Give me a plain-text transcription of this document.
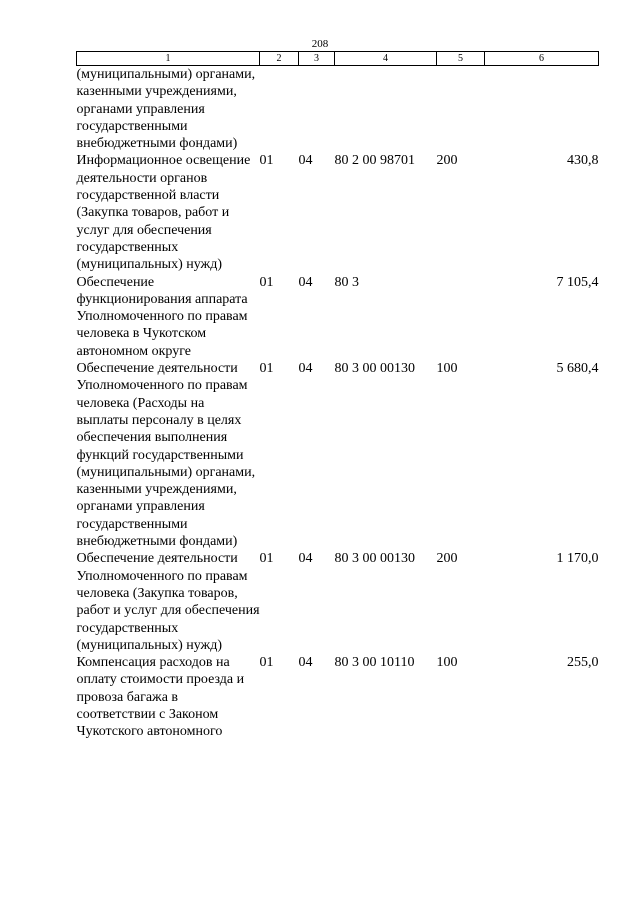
208
1	2	3	4	5	6
(муниципальными) органами, казенными учреждениями, органами управления государственными внебюджетными фондами)					
Информационное освещение деятельности органов государственной власти (Закупка товаров, работ и услуг для обеспечения государственных (муниципальных) нужд)	01	04	80 2 00 98701	200	430,8
Обеспечение функционирования аппарата Уполномоченного по правам человека в Чукотском автономном округе	01	04	80 3		7 105,4
Обеспечение деятельности Уполномоченного по правам человека (Расходы на выплаты персоналу в целях обеспечения выполнения функций государственными (муниципальными) органами, казенными учреждениями, органами управления государственными внебюджетными фондами)	01	04	80 3 00 00130	100	5 680,4
Обеспечение деятельности Уполномоченного по правам человека (Закупка товаров, работ и услуг для обеспечения государственных (муниципальных) нужд)	01	04	80 3 00 00130	200	1 170,0
Компенсация расходов на оплату стоимости проезда и провоза багажа в соответствии с Законом Чукотского автономного	01	04	80 3 00 10110	100	255,0
